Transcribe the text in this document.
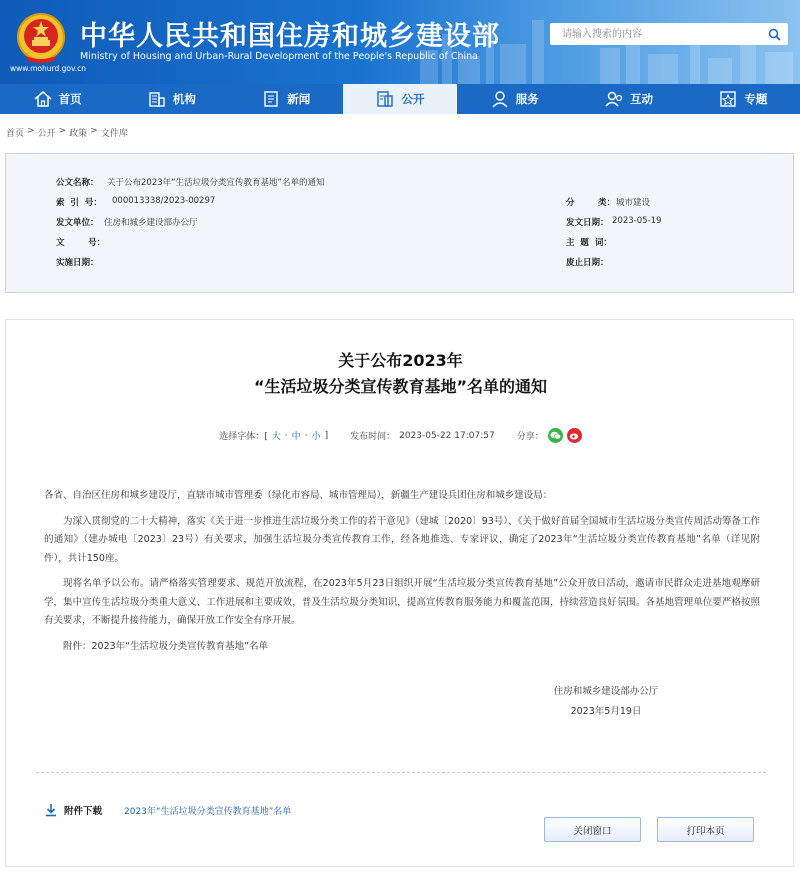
中华人民共和国住房和城乡建设部
Ministry of Housing and Urban-Rural Development of the People's Republic of China
www.mohurd.gov.cn
请输入搜索的内容
首页	机构	新闻	公开	服务	互动	专题
首页 > 公开 > 政策 > 文件库
公文名称： 关于公布2023年“生活垃圾分类宣传教育基地”名单的通知
索  引  号： 000013338/2023-00297	分        类： 城市建设
发文单位： 住房和城乡建设部办公厅	发文日期： 2023-05-19
文        号：	主  题  词：
实施日期：	废止日期：
关于公布2023年
“生活垃圾分类宣传教育基地”名单的通知
选择字体：[ 大 · 中 · 小 ] 发布时间： 2023-05-22 17:07:57 分享：

各省、自治区住房和城乡建设厅，直辖市城市管理委（绿化市容局、城市管理局），新疆生产建设兵团住房和城乡建设局：

为深入贯彻党的二十大精神，落实《关于进一步推进生活垃圾分类工作的若干意见》（建城〔2020〕93号）、《关于做好首届全国城市生活垃圾分类宣传周活动筹备工作的通知》（建办城电〔2023〕23号）有关要求，加强生活垃圾分类宣传教育工作，经各地推选、专家评议，确定了2023年“生活垃圾分类宣传教育基地”名单（详见附件），共计150座。

现将名单予以公布。请严格落实管理要求、规范开放流程，在2023年5月23日组织开展“生活垃圾分类宣传教育基地”公众开放日活动，邀请市民群众走进基地观摩研学，集中宣传生活垃圾分类重大意义、工作进展和主要成效，普及生活垃圾分类知识，提高宣传教育服务能力和覆盖范围，持续营造良好氛围。各基地管理单位要严格按照有关要求，不断提升接待能力，确保开放工作安全有序开展。

附件：2023年“生活垃圾分类宣传教育基地”名单

住房和城乡建设部办公厅
2023年5月19日
附件下载 2023年“生活垃圾分类宣传教育基地”名单
关闭窗口	打印本页
